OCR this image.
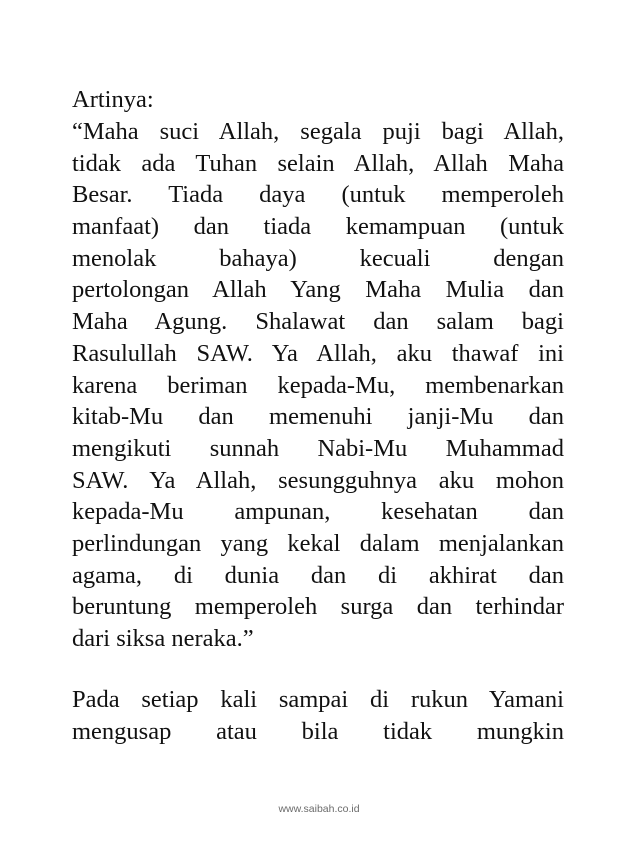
Artinya:
“Maha suci Allah, segala puji bagi Allah,
tidak ada Tuhan selain Allah, Allah Maha
Besar. Tiada daya (untuk memperoleh
manfaat) dan tiada kemampuan (untuk
menolak bahaya) kecuali dengan
pertolongan Allah Yang Maha Mulia dan
Maha Agung. Shalawat dan salam bagi
Rasulullah SAW. Ya Allah, aku thawaf ini
karena beriman kepada-Mu, membenarkan
kitab-Mu dan memenuhi janji-Mu dan
mengikuti sunnah Nabi-Mu Muhammad
SAW. Ya Allah, sesungguhnya aku mohon
kepada-Mu ampunan, kesehatan dan
perlindungan yang kekal dalam menjalankan
agama, di dunia dan di akhirat dan
beruntung memperoleh surga dan terhindar
dari siksa neraka.”
Pada setiap kali sampai di rukun Yamani
mengusap atau bila tidak mungkin
www.saibah.co.id
